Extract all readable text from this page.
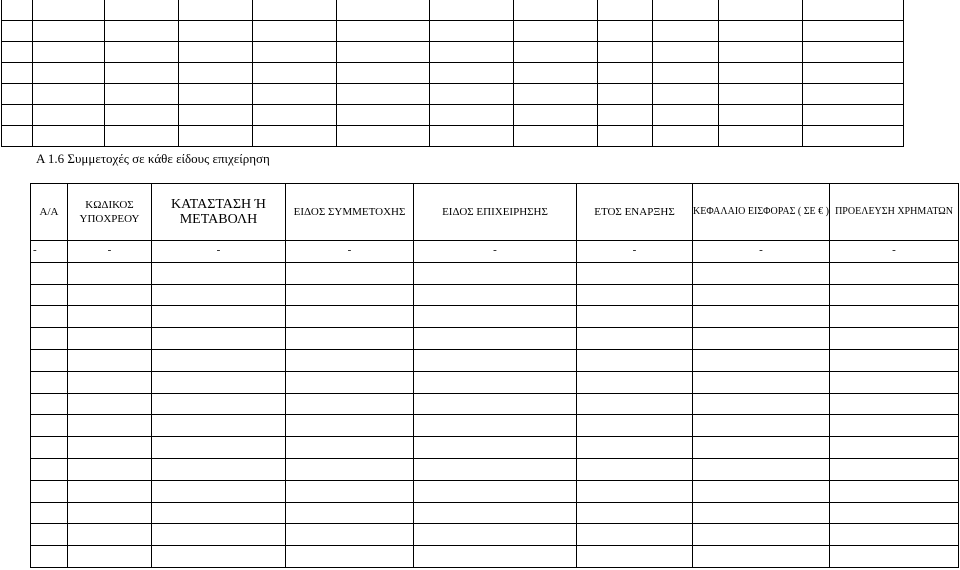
A 1.6 Συμμετοχές σε κάθε είδους επιχείρηση
Α/Α	ΚΩΔΙΚΟΣ ΥΠΟΧΡΕΟΥ	ΚΑΤΑΣΤΑΣΗ Ή ΜΕΤΑΒΟΛΗ	ΕΙΔΟΣ ΣΥΜΜΕΤΟΧΗΣ	ΕΙΔΟΣ ΕΠΙΧΕΙΡΗΣΗΣ	ΕΤΟΣ ΕΝΑΡΞΗΣ	ΚΕΦΑΛΑΙΟ ΕΙΣΦΟΡΑΣ ( ΣΕ € )	ΠΡΟΕΛΕΥΣΗ ΧΡΗΜΑΤΩΝ
-	-	-	-	-	-	-	-
